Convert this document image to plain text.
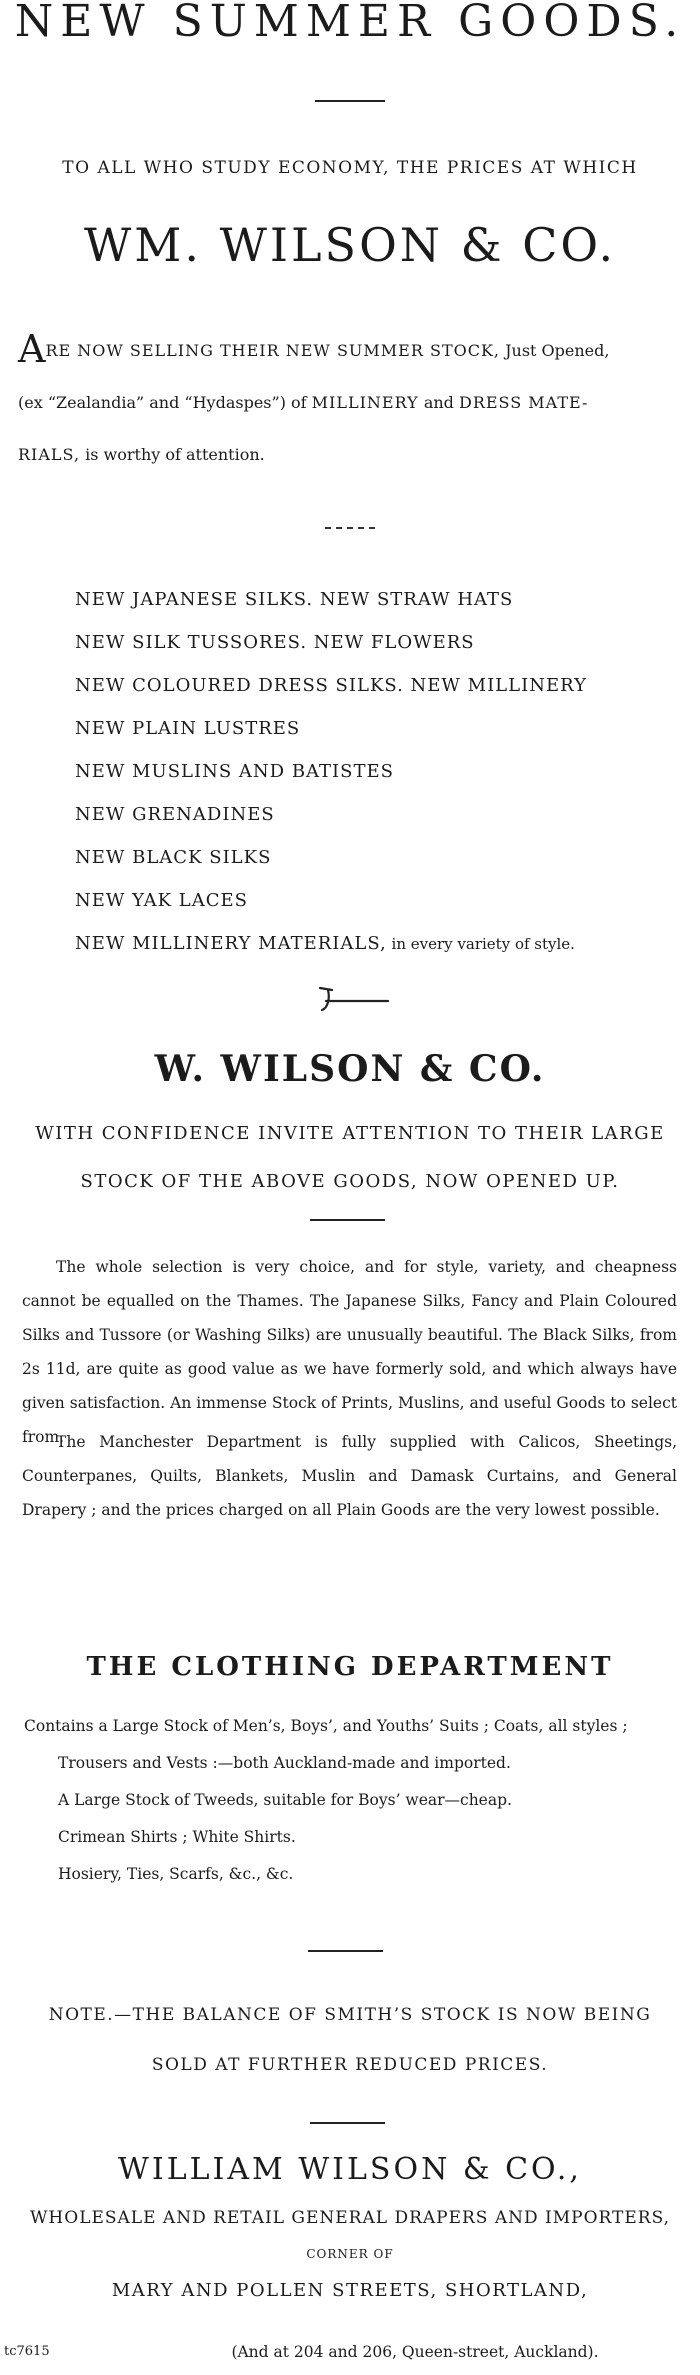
NEW SUMMER GOODS.
TO ALL WHO STUDY ECONOMY, THE PRICES AT WHICH
WM. WILSON & CO.
ARE NOW SELLING THEIR NEW SUMMER STOCK, Just Opened,
(ex “Zealandia” and “Hydaspes”) of MILLINERY and DRESS MATE-
RIALS, is worthy of attention.
NEW JAPANESE SILKS. NEW STRAW HATS
NEW SILK TUSSORES. NEW FLOWERS
NEW COLOURED DRESS SILKS. NEW MILLINERY
NEW PLAIN LUSTRES
NEW MUSLINS AND BATISTES
NEW GRENADINES
NEW BLACK SILKS
NEW YAK LACES
NEW MILLINERY MATERIALS, in every variety of style.
W. WILSON & CO.
WITH CONFIDENCE INVITE ATTENTION TO THEIR LARGE
STOCK OF THE ABOVE GOODS, NOW OPENED UP.

The whole selection is very choice, and for style, variety, and cheapness cannot be equalled on the Thames. The Japanese Silks, Fancy and Plain Coloured Silks and Tussore (or Washing Silks) are unusually beautiful. The Black Silks, from 2s 11d, are quite as good value as we have formerly sold, and which always have given satisfaction. An immense Stock of Prints, Muslins, and useful Goods to select from.

The Manchester Department is fully supplied with Calicos, Sheetings, Counterpanes, Quilts, Blankets, Muslin and Damask Curtains, and General Drapery ; and the prices charged on all Plain Goods are the very lowest possible.

THE CLOTHING DEPARTMENT
Contains a Large Stock of Men’s, Boys’, and Youths’ Suits ; Coats, all styles ;
Trousers and Vests :—both Auckland-made and imported.
A Large Stock of Tweeds, suitable for Boys’ wear—cheap.
Crimean Shirts ; White Shirts.
Hosiery, Ties, Scarfs, &c., &c.
NOTE.—THE BALANCE OF SMITH’S STOCK IS NOW BEING
SOLD AT FURTHER REDUCED PRICES.
WILLIAM WILSON & CO.,
WHOLESALE AND RETAIL GENERAL DRAPERS AND IMPORTERS,
CORNER OF
MARY AND POLLEN STREETS, SHORTLAND,
tc7615	(And at 204 and 206, Queen-street, Auckland).
